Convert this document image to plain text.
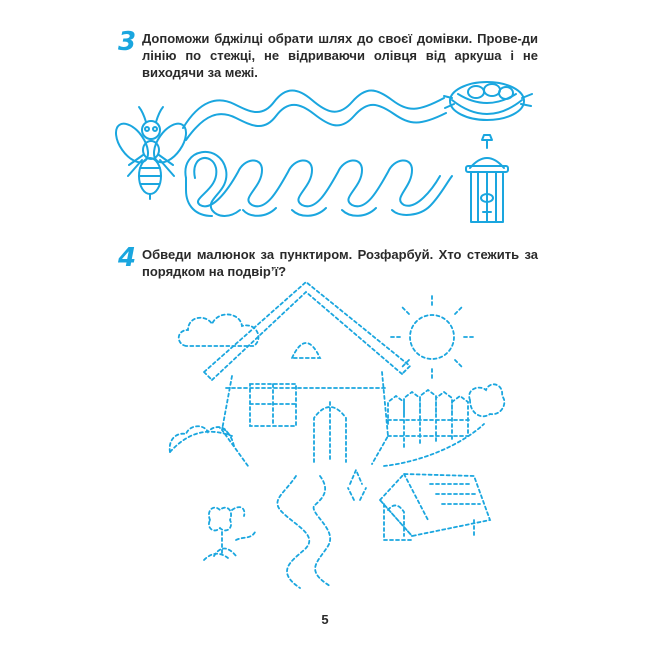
3 Допоможи бджілці обрати шлях до своєї домівки. Прове-ди лінію по стежці, не відриваючи олівця від аркуша і не виходячи за межі.
4 Обведи малюнок за пунктиром. Розфарбуй. Хто стежить за порядком на подвір’ї?
5
